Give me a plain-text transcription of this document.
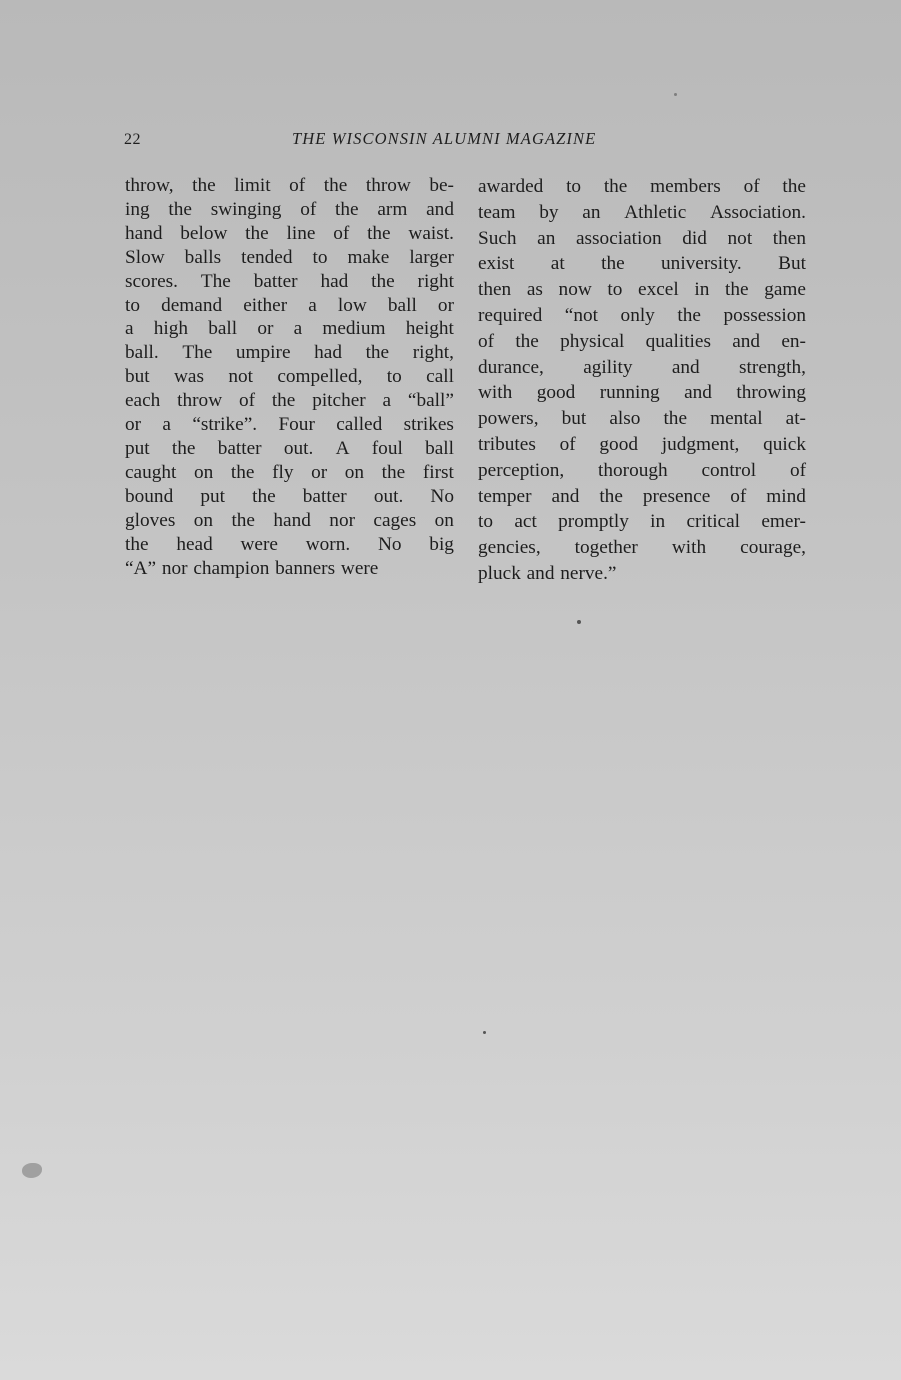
22	THE WISCONSIN ALUMNI MAGAZINE
throw, the limit of the throw be-
ing the swinging of the arm and
hand below the line of the waist.
Slow balls tended to make larger
scores. The batter had the right
to demand either a low ball or
a high ball or a medium height
ball. The umpire had the right,
but was not compelled, to call
each throw of the pitcher a “ball”
or a “strike”. Four called strikes
put the batter out. A foul ball
caught on the fly or on the first
bound put the batter out. No
gloves on the hand nor cages on
the head were worn. No big
“A” nor champion banners were
awarded to the members of the
team by an Athletic Association.
Such an association did not then
exist at the university. But
then as now to excel in the game
required “not only the possession
of the physical qualities and en-
durance, agility and strength,
with good running and throwing
powers, but also the mental at-
tributes of good judgment, quick
perception, thorough control of
temper and the presence of mind
to act promptly in critical emer-
gencies, together with courage,
pluck and nerve.”
